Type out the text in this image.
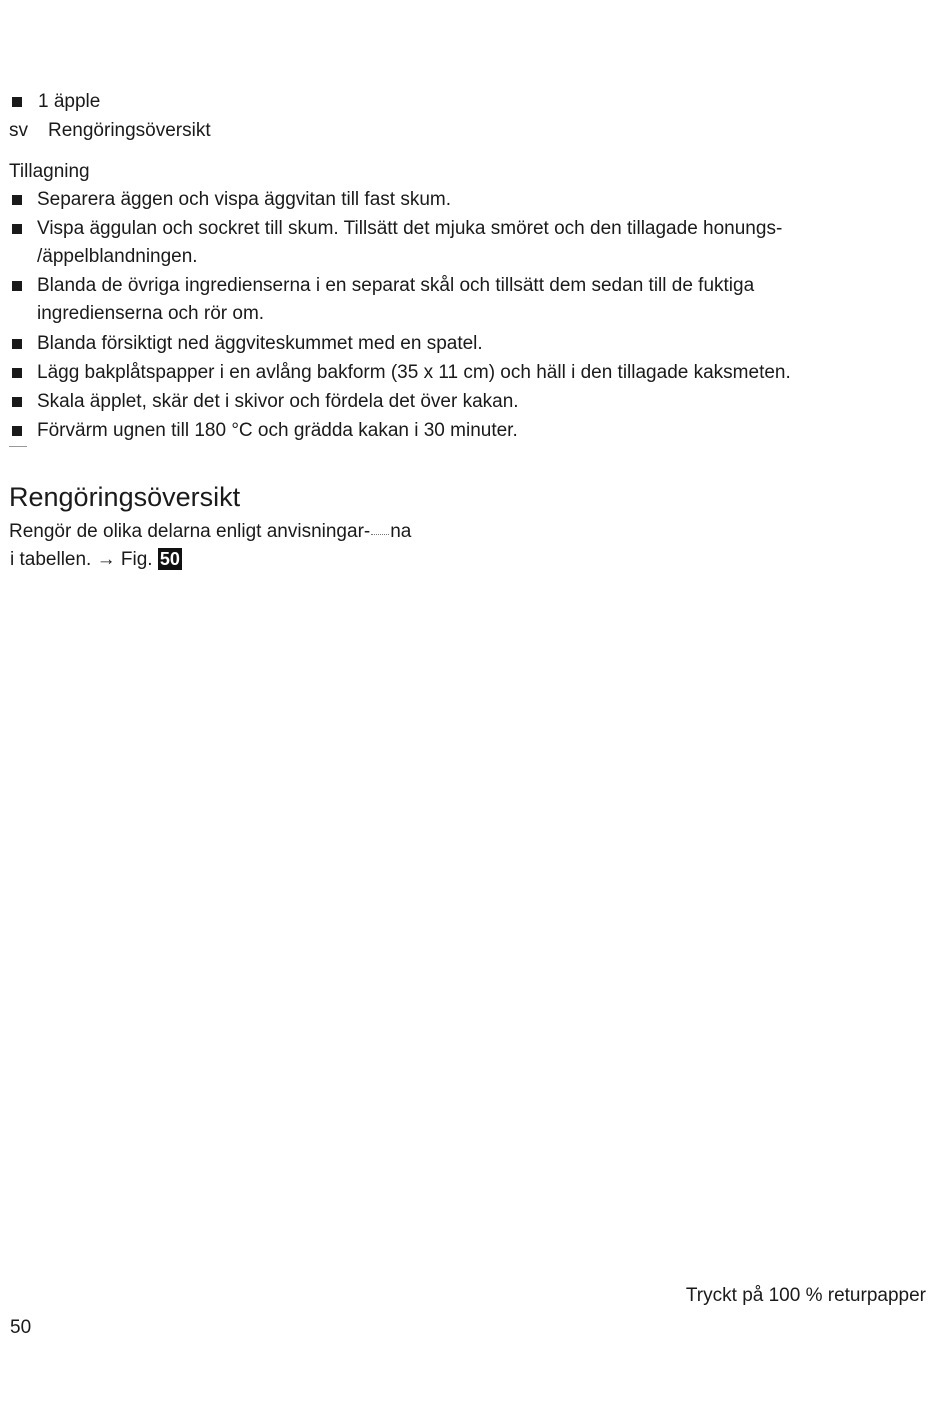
1 äpple
sv Rengöringsöversikt
Tillagning
Separera äggen och vispa äggvitan till fast skum.
Vispa äggulan och sockret till skum. Tillsätt det mjuka smöret och den tillagade honungs-
/äppelblandningen.
Blanda de övriga ingredienserna i en separat skål och tillsätt dem sedan till de fuktiga
ingredienserna och rör om.
Blanda försiktigt ned äggviteskummet med en spatel.
Lägg bakplåtspapper i en avlång bakform (35 x 11 cm) och häll i den tillagade kaksmeten.
Skala äpplet, skär det i skivor och fördela det över kakan.
Förvärm ugnen till 180 °C och grädda kakan i 30 minuter.
Rengöringsöversikt
Rengör de olika delarna enligt anvisningar- na
i tabellen. → Fig. 50
Tryckt på 100 % returpapper
50
